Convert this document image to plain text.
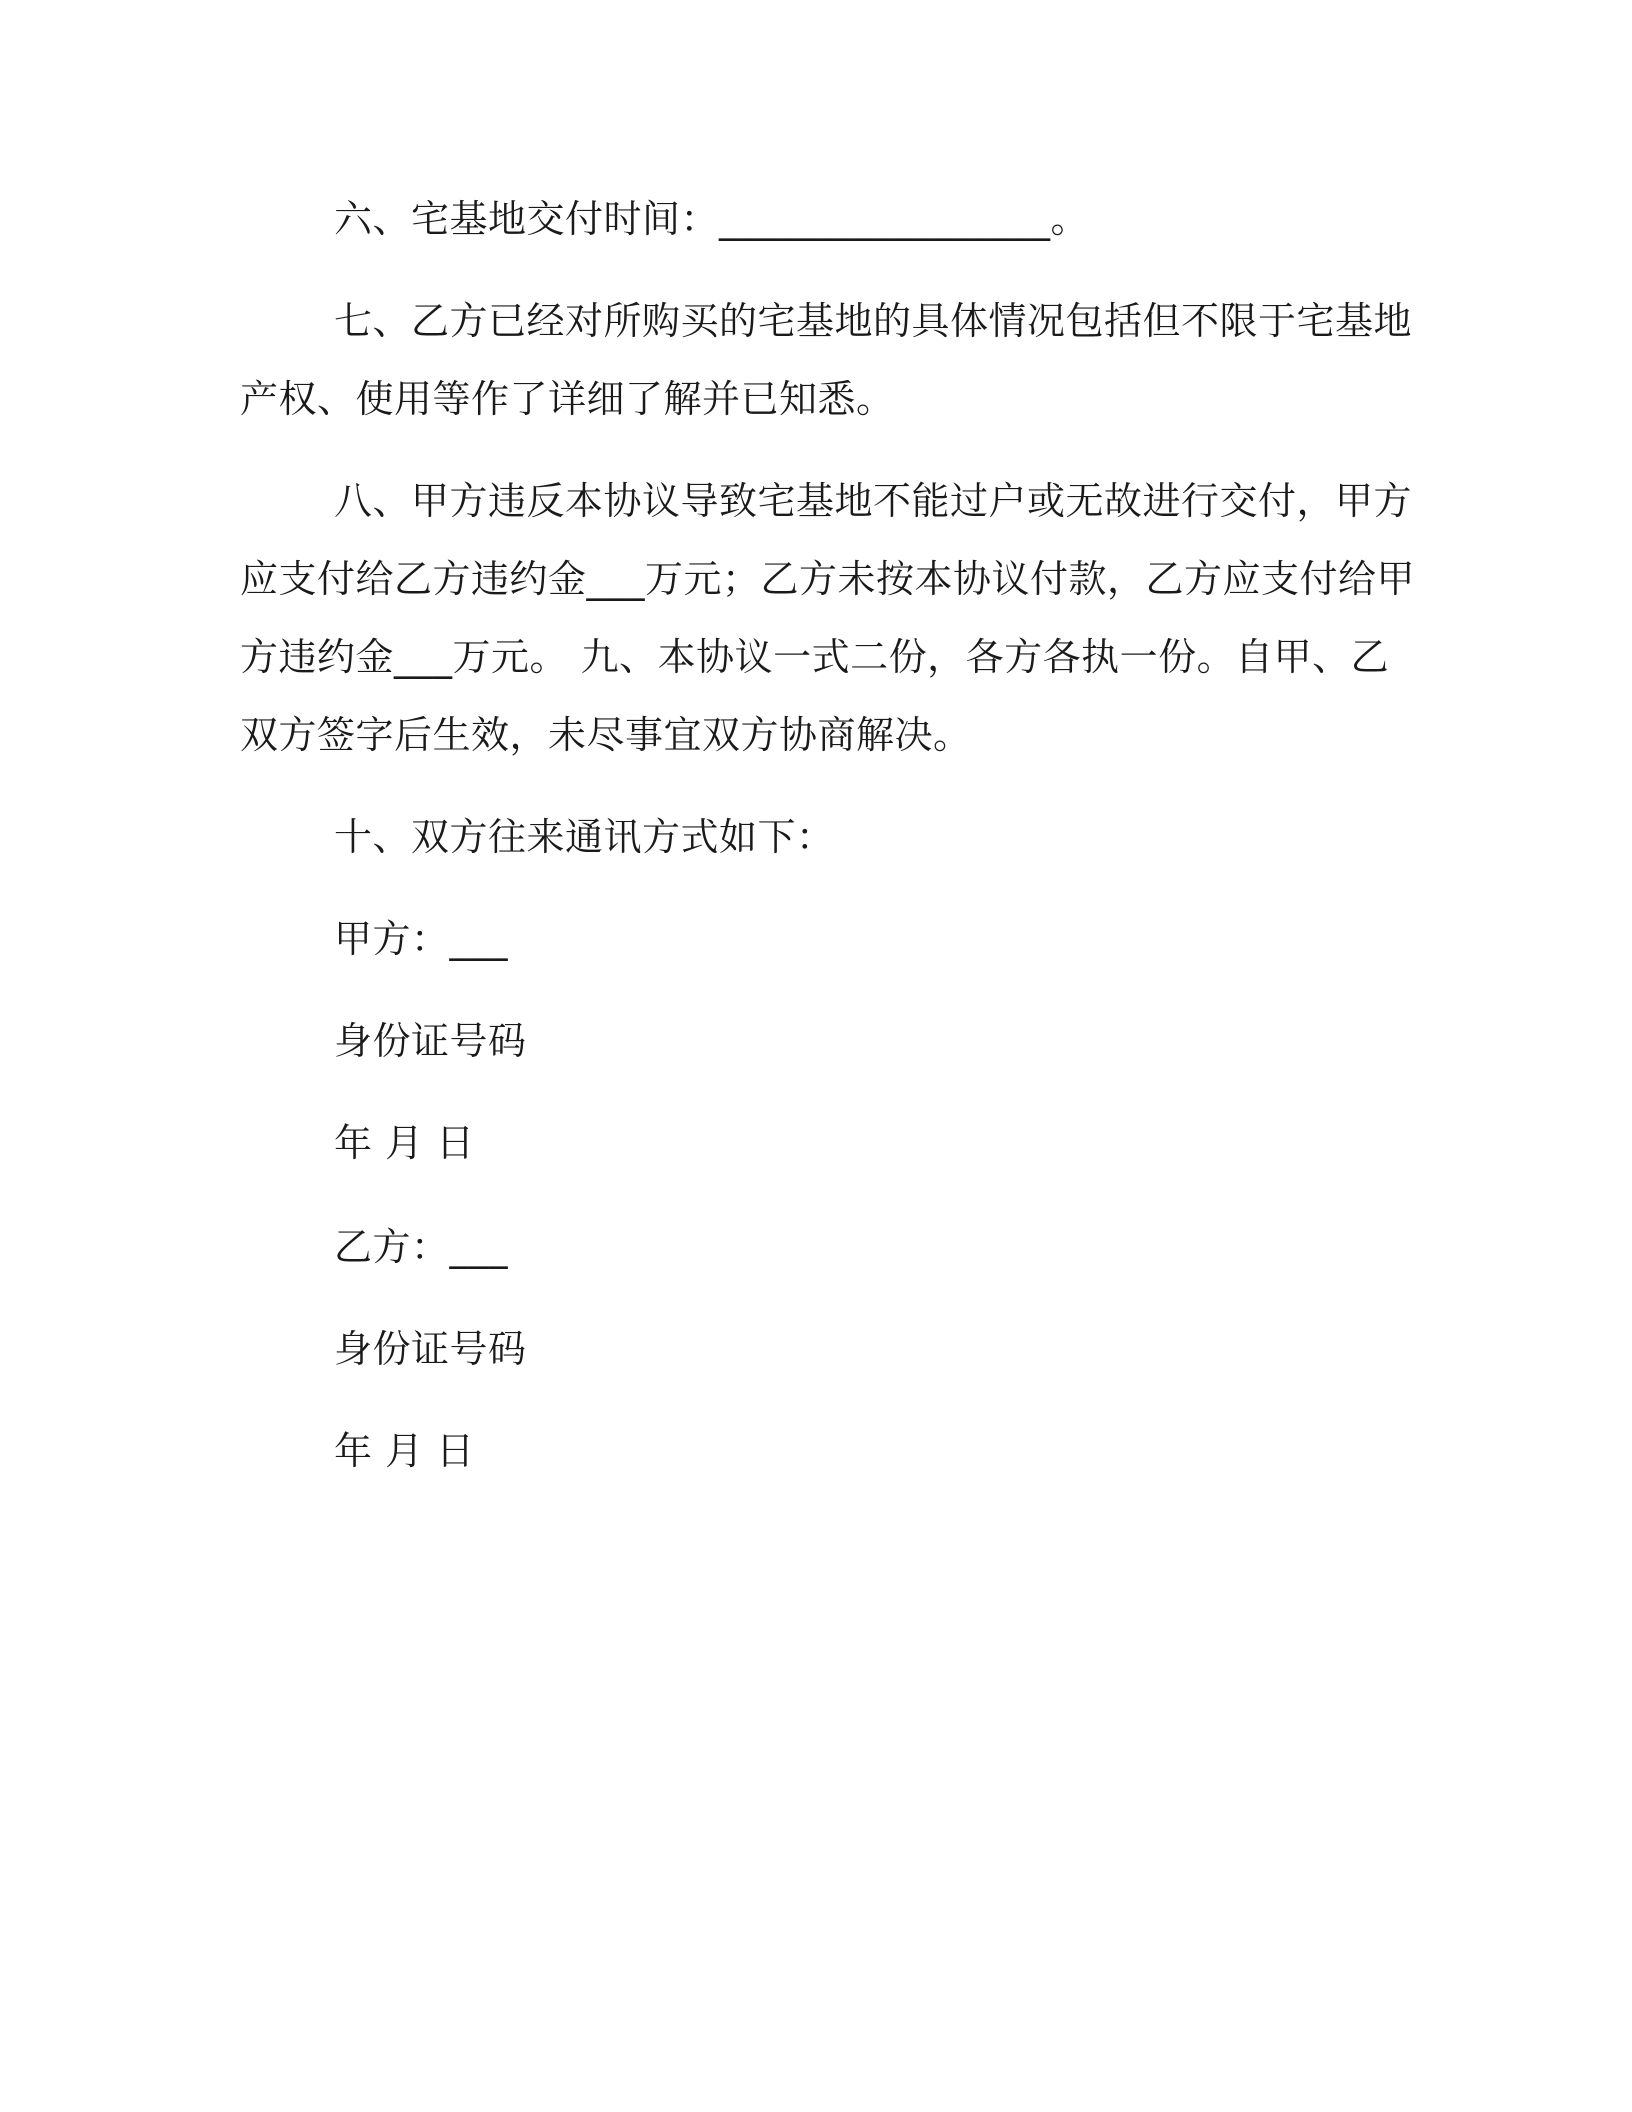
六、宅基地交付时间：_________________。
七、乙方已经对所购买的宅基地的具体情况包括但不限于宅基地
产权、使用等作了详细了解并已知悉。
八、甲方违反本协议导致宅基地不能过户或无故进行交付，甲方
应支付给乙方违约金___万元；乙方未按本协议付款，乙方应支付给甲
方违约金___万元。 九、本协议一式二份，各方各执一份。自甲、乙
双方签字后生效，未尽事宜双方协商解决。
十、双方往来通讯方式如下：
甲方：___
身份证号码
年 月 日
乙方：___
身份证号码
年 月 日
